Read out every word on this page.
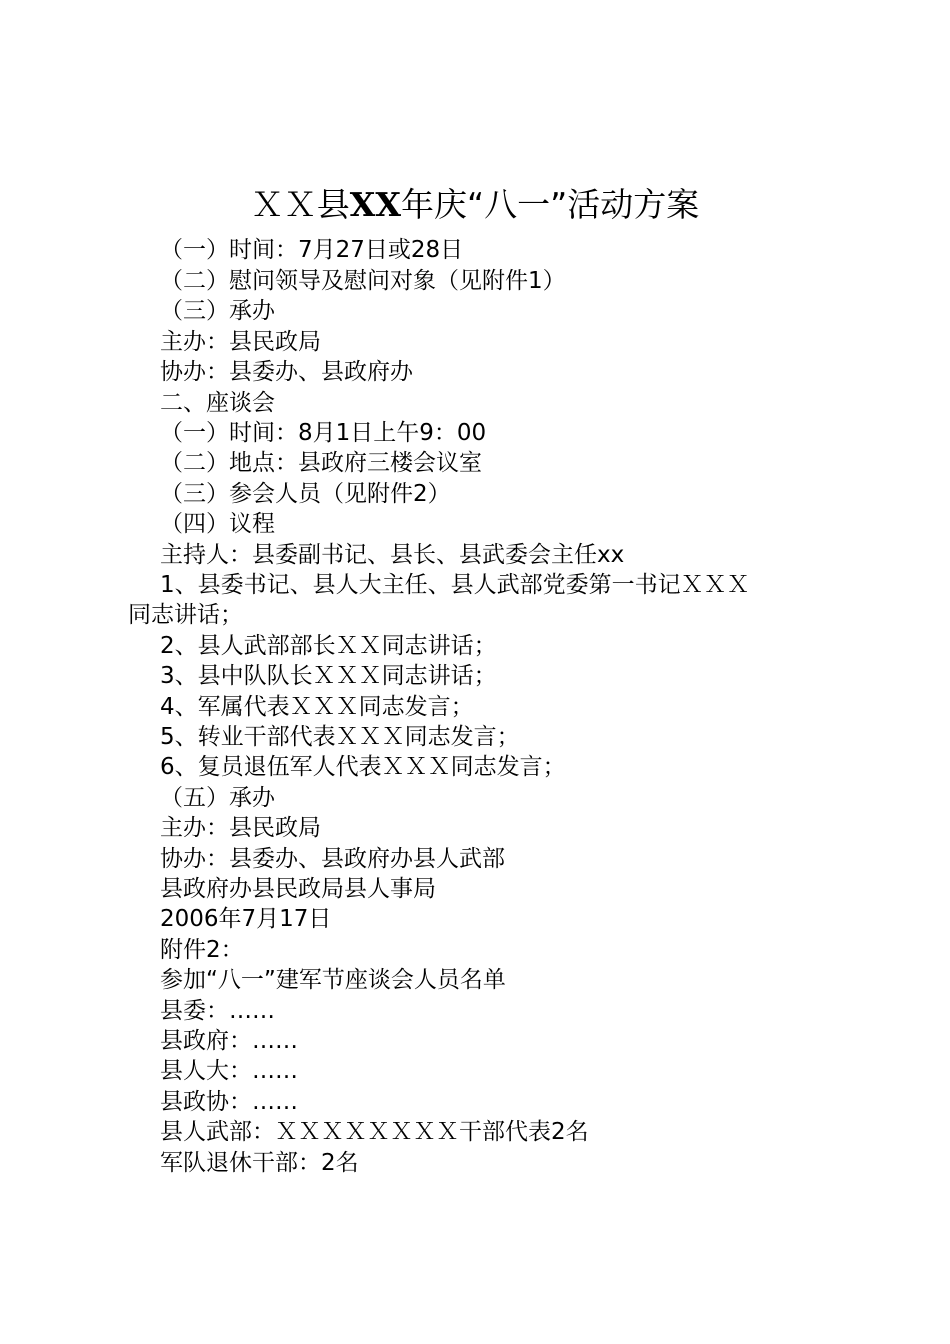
ＸＸ县XX年庆“八一”活动方案
（一）时间：7月27日或28日
（二）慰问领导及慰问对象（见附件1）
（三）承办
主办：县民政局
协办：县委办、县政府办
二、座谈会
（一）时间：8月1日上午9：00
（二）地点：县政府三楼会议室
（三）参会人员（见附件2）
（四）议程
主持人：县委副书记、县长、县武委会主任xx
1、县委书记、县人大主任、县人武部党委第一书记ＸＸＸ
同志讲话；
2、县人武部部长ＸＸ同志讲话；
3、县中队队长ＸＸＸ同志讲话；
4、军属代表ＸＸＸ同志发言；
5、转业干部代表ＸＸＸ同志发言；
6、复员退伍军人代表ＸＸＸ同志发言；
（五）承办
主办：县民政局
协办：县委办、县政府办县人武部
县政府办县民政局县人事局
2006年7月17日
附件2：
参加“八一”建军节座谈会人员名单
县委：……
县政府：……
县人大：……
县政协：……
县人武部：ＸＸＸＸＸＸＸＸ干部代表2名
军队退休干部：2名
